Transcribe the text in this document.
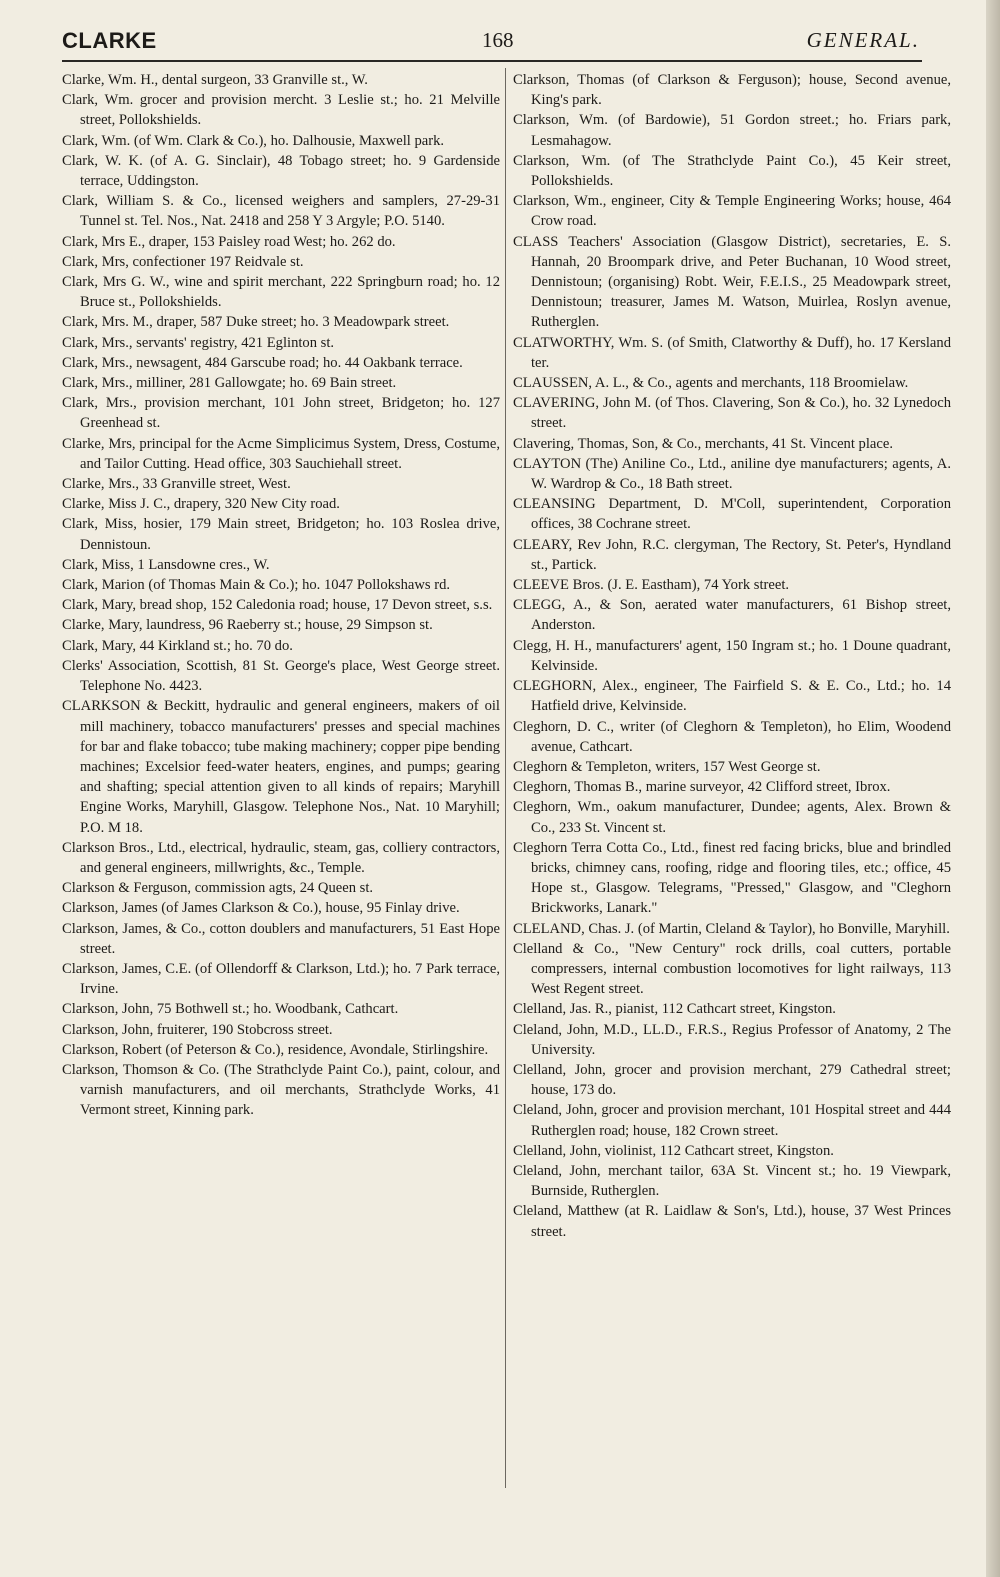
CLARKE	168	GENERAL.

Clarke, Wm. H., dental surgeon, 33 Granville st., W.

Clark, Wm. grocer and provision mercht. 3 Leslie st.; ho. 21 Melville street, Pollokshields.

Clark, Wm. (of Wm. Clark & Co.), ho. Dalhousie, Maxwell park.

Clark, W. K. (of A. G. Sinclair), 48 Tobago street; ho. 9 Gardenside terrace, Uddingston.

Clark, William S. & Co., licensed weighers and samplers, 27-29-31 Tunnel st. Tel. Nos., Nat. 2418 and 258 Y 3 Argyle; P.O. 5140.

Clark, Mrs E., draper, 153 Paisley road West; ho. 262 do.

Clark, Mrs, confectioner 197 Reidvale st.

Clark, Mrs G. W., wine and spirit merchant, 222 Springburn road; ho. 12 Bruce st., Pollokshields.

Clark, Mrs. M., draper, 587 Duke street; ho. 3 Meadowpark street.

Clark, Mrs., servants' registry, 421 Eglinton st.

Clark, Mrs., newsagent, 484 Garscube road; ho. 44 Oakbank terrace.

Clark, Mrs., milliner, 281 Gallowgate; ho. 69 Bain street.

Clark, Mrs., provision merchant, 101 John street, Bridgeton; ho. 127 Greenhead st.

Clarke, Mrs, principal for the Acme Simplicimus System, Dress, Costume, and Tailor Cutting. Head office, 303 Sauchiehall street.

Clarke, Mrs., 33 Granville street, West.

Clarke, Miss J. C., drapery, 320 New City road.

Clark, Miss, hosier, 179 Main street, Bridgeton; ho. 103 Roslea drive, Dennistoun.

Clark, Miss, 1 Lansdowne cres., W.

Clark, Marion (of Thomas Main & Co.); ho. 1047 Pollokshaws rd.

Clark, Mary, bread shop, 152 Caledonia road; house, 17 Devon street, s.s.

Clarke, Mary, laundress, 96 Raeberry st.; house, 29 Simpson st.

Clark, Mary, 44 Kirkland st.; ho. 70 do.

Clerks' Association, Scottish, 81 St. George's place, West George street. Telephone No. 4423.

CLARKSON & Beckitt, hydraulic and general engineers, makers of oil mill machinery, tobacco manufacturers' presses and special machines for bar and flake tobacco; tube making machinery; copper pipe bending machines; Excelsior feed-water heaters, engines, and pumps; gearing and shafting; special attention given to all kinds of repairs; Maryhill Engine Works, Maryhill, Glasgow. Telephone Nos., Nat. 10 Maryhill; P.O. M 18.

Clarkson Bros., Ltd., electrical, hydraulic, steam, gas, colliery contractors, and general engineers, millwrights, &c., Temple.

Clarkson & Ferguson, commission agts, 24 Queen st.

Clarkson, James (of James Clarkson & Co.), house, 95 Finlay drive.

Clarkson, James, & Co., cotton doublers and manufacturers, 51 East Hope street.

Clarkson, James, C.E. (of Ollendorff & Clarkson, Ltd.); ho. 7 Park terrace, Irvine.

Clarkson, John, 75 Bothwell st.; ho. Woodbank, Cathcart.

Clarkson, John, fruiterer, 190 Stobcross street.

Clarkson, Robert (of Peterson & Co.), residence, Avondale, Stirlingshire.

Clarkson, Thomson & Co. (The Strathclyde Paint Co.), paint, colour, and varnish manufacturers, and oil merchants, Strathclyde Works, 41 Vermont street, Kinning park.

Clarkson, Thomas (of Clarkson & Ferguson); house, Second avenue, King's park.

Clarkson, Wm. (of Bardowie), 51 Gordon street.; ho. Friars park, Lesmahagow.

Clarkson, Wm. (of The Strathclyde Paint Co.), 45 Keir street, Pollokshields.

Clarkson, Wm., engineer, City & Temple Engineering Works; house, 464 Crow road.

CLASS Teachers' Association (Glasgow District), secretaries, E. S. Hannah, 20 Broompark drive, and Peter Buchanan, 10 Wood street, Dennistoun; (organising) Robt. Weir, F.E.I.S., 25 Meadowpark street, Dennistoun; treasurer, James M. Watson, Muirlea, Roslyn avenue, Rutherglen.

CLATWORTHY, Wm. S. (of Smith, Clatworthy & Duff), ho. 17 Kersland ter.

CLAUSSEN, A. L., & Co., agents and merchants, 118 Broomielaw.

CLAVERING, John M. (of Thos. Clavering, Son & Co.), ho. 32 Lynedoch street.

Clavering, Thomas, Son, & Co., merchants, 41 St. Vincent place.

CLAYTON (The) Aniline Co., Ltd., aniline dye manufacturers; agents, A. W. Wardrop & Co., 18 Bath street.

CLEANSING Department, D. M'Coll, superintendent, Corporation offices, 38 Cochrane street.

CLEARY, Rev John, R.C. clergyman, The Rectory, St. Peter's, Hyndland st., Partick.

CLEEVE Bros. (J. E. Eastham), 74 York street.

CLEGG, A., & Son, aerated water manufacturers, 61 Bishop street, Anderston.

Clegg, H. H., manufacturers' agent, 150 Ingram st.; ho. 1 Doune quadrant, Kelvinside.

CLEGHORN, Alex., engineer, The Fairfield S. & E. Co., Ltd.; ho. 14 Hatfield drive, Kelvinside.

Cleghorn, D. C., writer (of Cleghorn & Templeton), ho Elim, Woodend avenue, Cathcart.

Cleghorn & Templeton, writers, 157 West George st.

Cleghorn, Thomas B., marine surveyor, 42 Clifford street, Ibrox.

Cleghorn, Wm., oakum manufacturer, Dundee; agents, Alex. Brown & Co., 233 St. Vincent st.

Cleghorn Terra Cotta Co., Ltd., finest red facing bricks, blue and brindled bricks, chimney cans, roofing, ridge and flooring tiles, etc.; office, 45 Hope st., Glasgow. Telegrams, "Pressed," Glasgow, and "Cleghorn Brickworks, Lanark."

CLELAND, Chas. J. (of Martin, Cleland & Taylor), ho Bonville, Maryhill.

Clelland & Co., "New Century" rock drills, coal cutters, portable compressers, internal combustion locomotives for light railways, 113 West Regent street.

Clelland, Jas. R., pianist, 112 Cathcart street, Kingston.

Cleland, John, M.D., LL.D., F.R.S., Regius Professor of Anatomy, 2 The University.

Clelland, John, grocer and provision merchant, 279 Cathedral street; house, 173 do.

Cleland, John, grocer and provision merchant, 101 Hospital street and 444 Rutherglen road; house, 182 Crown street.

Clelland, John, violinist, 112 Cathcart street, Kingston.

Cleland, John, merchant tailor, 63A St. Vincent st.; ho. 19 Viewpark, Burnside, Rutherglen.

Cleland, Matthew (at R. Laidlaw & Son's, Ltd.), house, 37 West Princes street.
